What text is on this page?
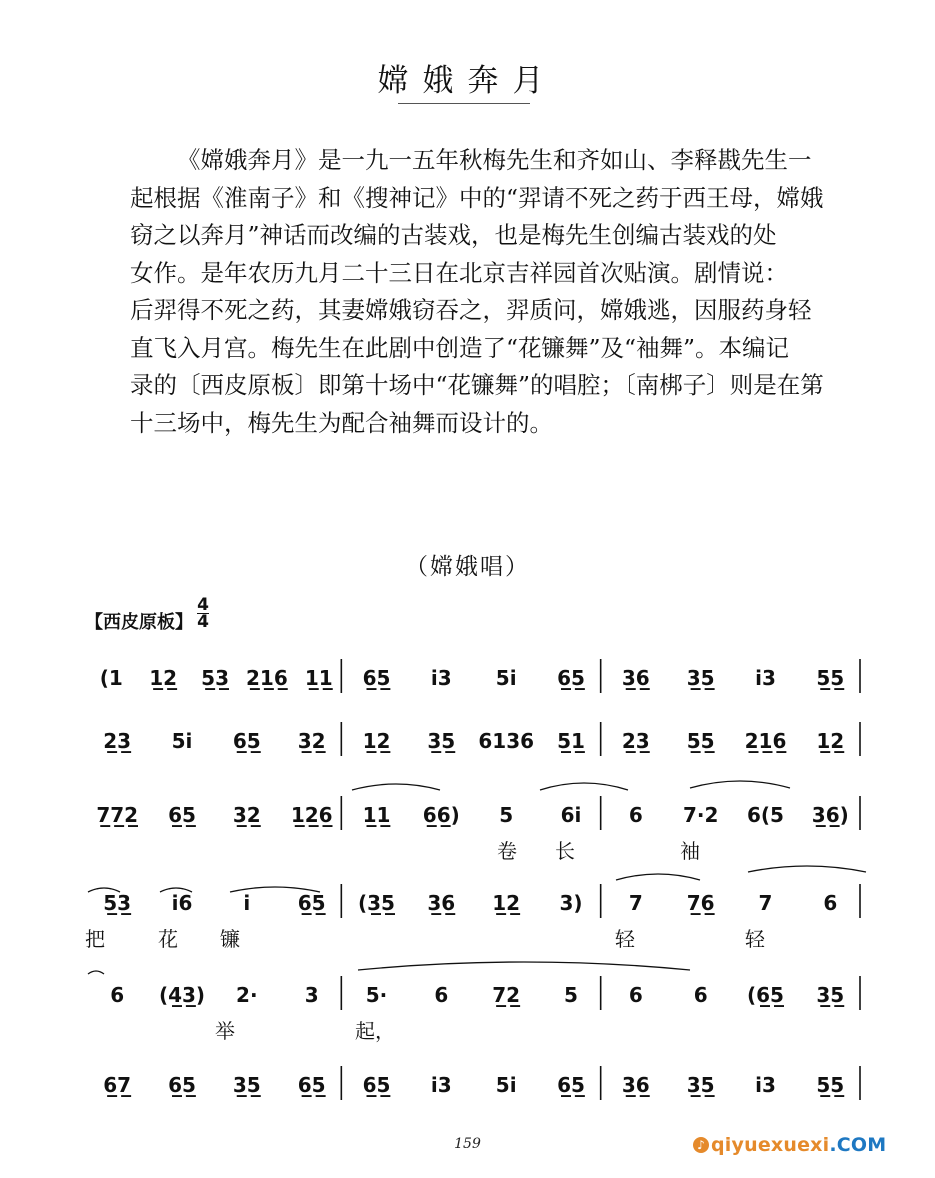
嫦娥奔月
《嫦娥奔月》是一九一五年秋梅先生和齐如山、李释戡先生一
起根据《淮南子》和《搜神记》中的“羿请不死之药于西王母，嫦娥
窃之以奔月”神话而改编的古装戏，也是梅先生创编古装戏的处
女作。是年农历九月二十三日在北京吉祥园首次贴演。剧情说：
后羿得不死之药，其妻嫦娥窃吞之，羿质问，嫦娥逃，因服药身轻
直飞入月宫。梅先生在此剧中创造了“花镰舞”及“袖舞”。本编记
录的〔西皮原板〕即第十场中“花镰舞”的唱腔；〔南梆子〕则是在第
十三场中，梅先生为配合袖舞而设计的。
（嫦娥唱）
【西皮原板】
4
4
(1 1̲2̲ 5̲3̲ 2̲1̲6̲ 1̲1̲ 6̲5̲ i3 5i 6̲5̲ 3̲6̲ 3̲5̲ i3 5̲5̲
2̲3̲ 5i 6̲5̲ 3̲2̲ 1̲2̲ 3̲5̲ 6136 5̲1̲ 2̲3̲ 5̲5̲ 2̲1̲6̲ 1̲2̲
7̲7̲2̲ 6̲5̲ 3̲2̲ 1̲2̲6̲ 1̲1̲ 6̲6̲) 5 6i 6 7·2 6(5 3̲6̲)
卷 长	袖
5̲3̲ i6	i 6̲5̲ (3̲5̲ 3̲6̲ 1̲2̲ 3) 7 7̲6̲ 7	6
把	花 镰	轻	轻
6 (4̲3̲) 2· 3 5· 6 7̲2̲ 5	6	6 (6̲5̲ 3̲5̲
举	起，
6̲7̲ 6̲5̲ 3̲5̲ 6̲5̲ 6̲5̲ i3 5i 6̲5̲ 3̲6̲ 3̲5̲ i3 5̲5̲
159	♪ qiyuexuexi.COM
